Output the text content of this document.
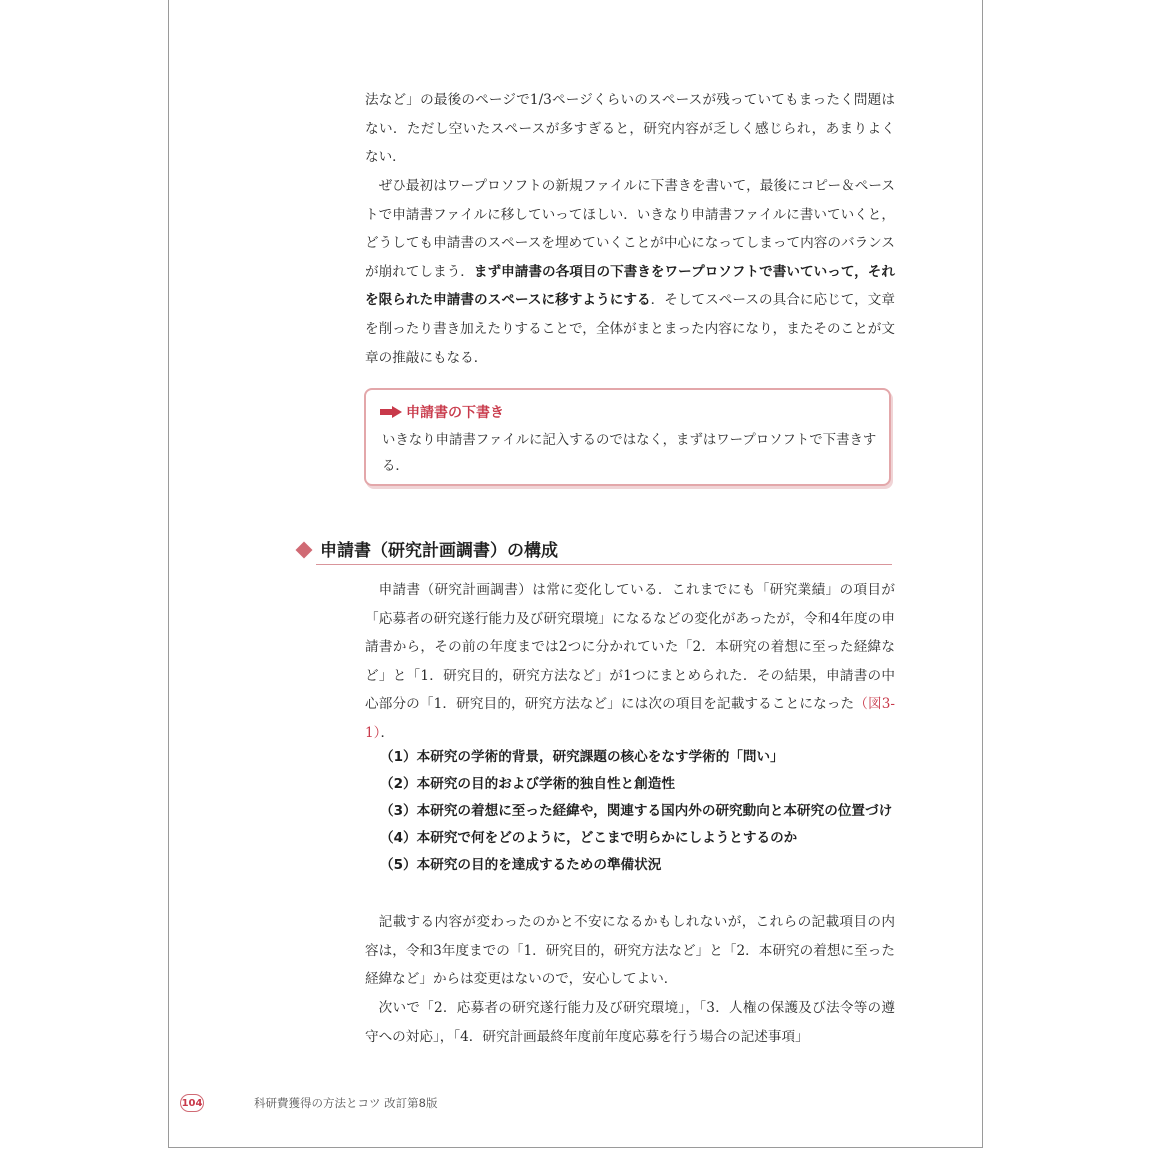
法など」の最後のページで1/3ページくらいのスペースが残っていてもまったく問題はない．ただし空いたスペースが多すぎると，研究内容が乏しく感じられ，あまりよくない．

ぜひ最初はワープロソフトの新規ファイルに下書きを書いて，最後にコピー＆ペーストで申請書ファイルに移していってほしい．いきなり申請書ファイルに書いていくと，どうしても申請書のスペースを埋めていくことが中心になってしまって内容のバランスが崩れてしまう．まず申請書の各項目の下書きをワープロソフトで書いていって，それを限られた申請書のスペースに移すようにする．そしてスペースの具合に応じて，文章を削ったり書き加えたりすることで，全体がまとまった内容になり，またそのことが文章の推敲にもなる．

申請書の下書き

いきなり申請書ファイルに記入するのではなく，まずはワープロソフトで下書きする．

申請書（研究計画調書）の構成

申請書（研究計画調書）は常に変化している．これまでにも「研究業績」の項目が「応募者の研究遂行能力及び研究環境」になるなどの変化があったが，令和4年度の申請書から，その前の年度までは2つに分かれていた「2．本研究の着想に至った経緯など」と「1．研究目的，研究方法など」が1つにまとめられた．その結果，申請書の中心部分の「1．研究目的，研究方法など」には次の項目を記載することになった（図3-1）．

（1） 本研究の学術的背景，研究課題の核心をなす学術的「問い」
（2） 本研究の目的および学術的独自性と創造性
（3） 本研究の着想に至った経緯や，関連する国内外の研究動向と本研究の位置づけ
（4） 本研究で何をどのように，どこまで明らかにしようとするのか
（5） 本研究の目的を達成するための準備状況

記載する内容が変わったのかと不安になるかもしれないが，これらの記載項目の内容は，令和3年度までの「1．研究目的，研究方法など」と「2．本研究の着想に至った経緯など」からは変更はないので，安心してよい．

次いで「2．応募者の研究遂行能力及び研究環境」，「3．人権の保護及び法令等の遵守への対応」，「4．研究計画最終年度前年度応募を行う場合の記述事項」

104	科研費獲得の方法とコツ 改訂第8版
